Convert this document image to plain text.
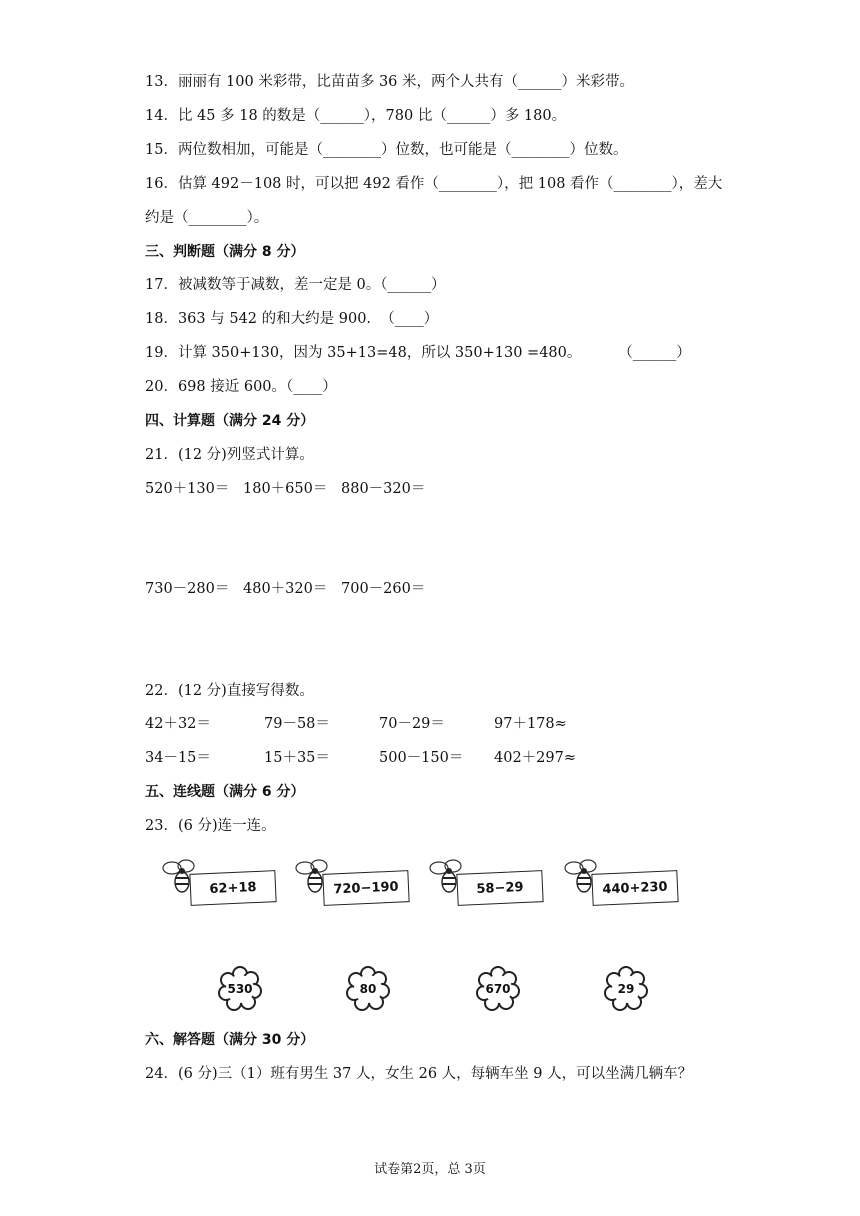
13．丽丽有 100 米彩带，比苗苗多 36 米，两个人共有（______）米彩带。
14．比 45 多 18 的数是（______），780 比（______）多 180。
15．两位数相加，可能是（________）位数，也可能是（________）位数。
16．估算 492－108 时，可以把 492 看作（________），把 108 看作（________），差大
约是（________）。
三、判断题（满分 8 分）
17．被减数等于减数，差一定是 0。（______）
18．363 与 542 的和大约是 900.  （____）
19．计算 350+130，因为 35+13=48，所以 350+130 =480。        （______）
20．698 接近 600。（____）
四、计算题（满分 24 分）
21．(12 分)列竖式计算。
520＋130＝ 180＋650＝ 880－320＝
730－280＝ 480＋320＝ 700－260＝
22．(12 分)直接写得数。
42＋32＝	79－58＝	70－29＝	97＋178≈
34－15＝	15＋35＝	500－150＝ 402＋297≈
五、连线题（满分 6 分）
23．(6 分)连一连。
62+18	720−190	58−29	440+230
530	80	670	29
六、解答题（满分 30 分）
24．(6 分)三（1）班有男生 37 人，女生 26 人，每辆车坐 9 人，可以坐满几辆车？
试卷第2页，总 3页
